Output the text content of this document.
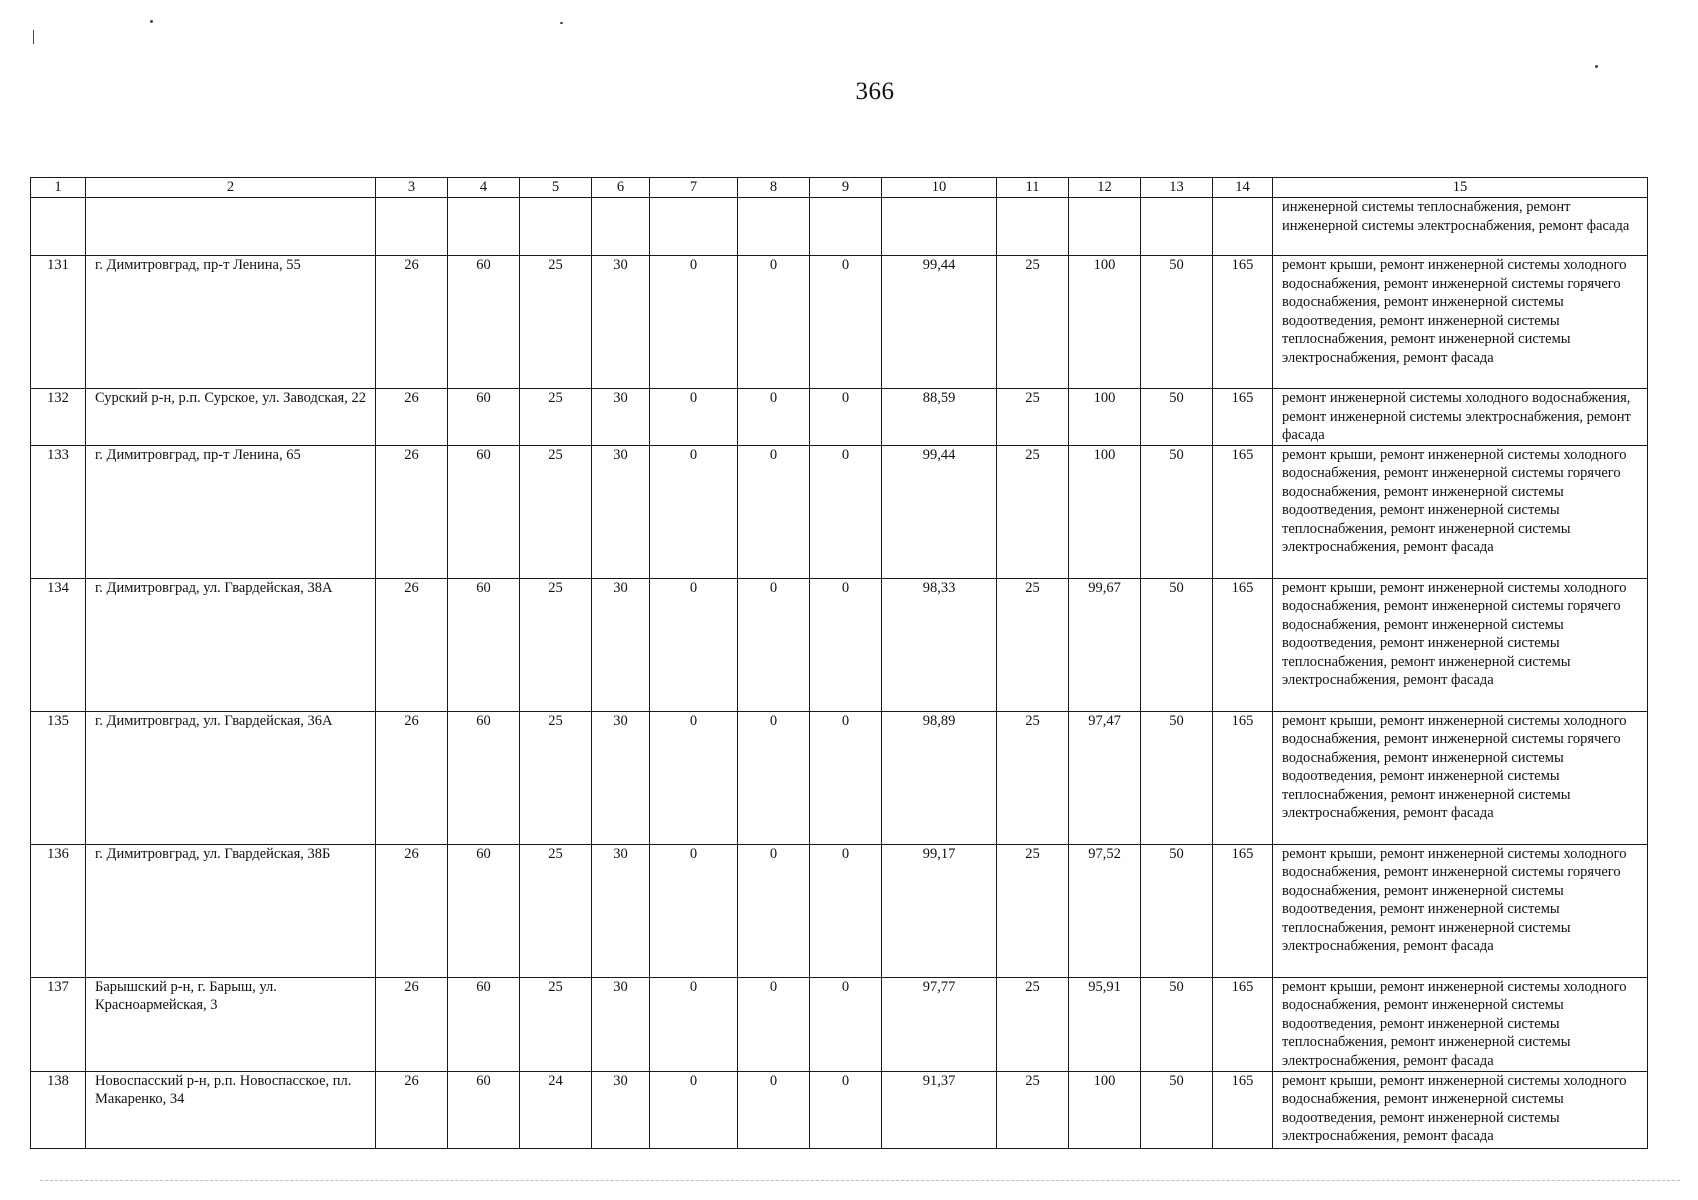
366
1	2	3	4	5	6	7	8	9	10	11	12	13	14	15
														инженерной системы теплоснабжения, ремонт инженерной системы электроснабжения, ремонт фасада
131	г. Димитровград, пр-т Ленина, 55	26	60	25	30	0	0	0	99,44	25	100	50	165	ремонт крыши, ремонт инженерной системы холодного водоснабжения, ремонт инженерной системы горячего водоснабжения, ремонт инженерной системы водоотведения, ремонт инженерной системы теплоснабжения, ремонт инженерной системы электроснабжения, ремонт фасада
132	Сурский р-н, р.п. Сурское, ул. Заводская, 22	26	60	25	30	0	0	0	88,59	25	100	50	165	ремонт инженерной системы холодного водоснабжения, ремонт инженерной системы электроснабжения, ремонт фасада
133	г. Димитровград, пр-т Ленина, 65	26	60	25	30	0	0	0	99,44	25	100	50	165	ремонт крыши, ремонт инженерной системы холодного водоснабжения, ремонт инженерной системы горячего водоснабжения, ремонт инженерной системы водоотведения, ремонт инженерной системы теплоснабжения, ремонт инженерной системы электроснабжения, ремонт фасада
134	г. Димитровград, ул. Гвардейская, 38А	26	60	25	30	0	0	0	98,33	25	99,67	50	165	ремонт крыши, ремонт инженерной системы холодного водоснабжения, ремонт инженерной системы горячего водоснабжения, ремонт инженерной системы водоотведения, ремонт инженерной системы теплоснабжения, ремонт инженерной системы электроснабжения, ремонт фасада
135	г. Димитровград, ул. Гвардейская, 36А	26	60	25	30	0	0	0	98,89	25	97,47	50	165	ремонт крыши, ремонт инженерной системы холодного водоснабжения, ремонт инженерной системы горячего водоснабжения, ремонт инженерной системы водоотведения, ремонт инженерной системы теплоснабжения, ремонт инженерной системы электроснабжения, ремонт фасада
136	г. Димитровград, ул. Гвардейская, 38Б	26	60	25	30	0	0	0	99,17	25	97,52	50	165	ремонт крыши, ремонт инженерной системы холодного водоснабжения, ремонт инженерной системы горячего водоснабжения, ремонт инженерной системы водоотведения, ремонт инженерной системы теплоснабжения, ремонт инженерной системы электроснабжения, ремонт фасада
137	Барышский р-н, г. Барыш, ул. Красноармейская, 3	26	60	25	30	0	0	0	97,77	25	95,91	50	165	ремонт крыши, ремонт инженерной системы холодного водоснабжения, ремонт инженерной системы водоотведения, ремонт инженерной системы теплоснабжения, ремонт инженерной системы электроснабжения, ремонт фасада
138	Новоспасский р-н, р.п. Новоспасское, пл. Макаренко, 34	26	60	24	30	0	0	0	91,37	25	100	50	165	ремонт крыши, ремонт инженерной системы холодного водоснабжения, ремонт инженерной системы водоотведения, ремонт инженерной системы электроснабжения, ремонт фасада
